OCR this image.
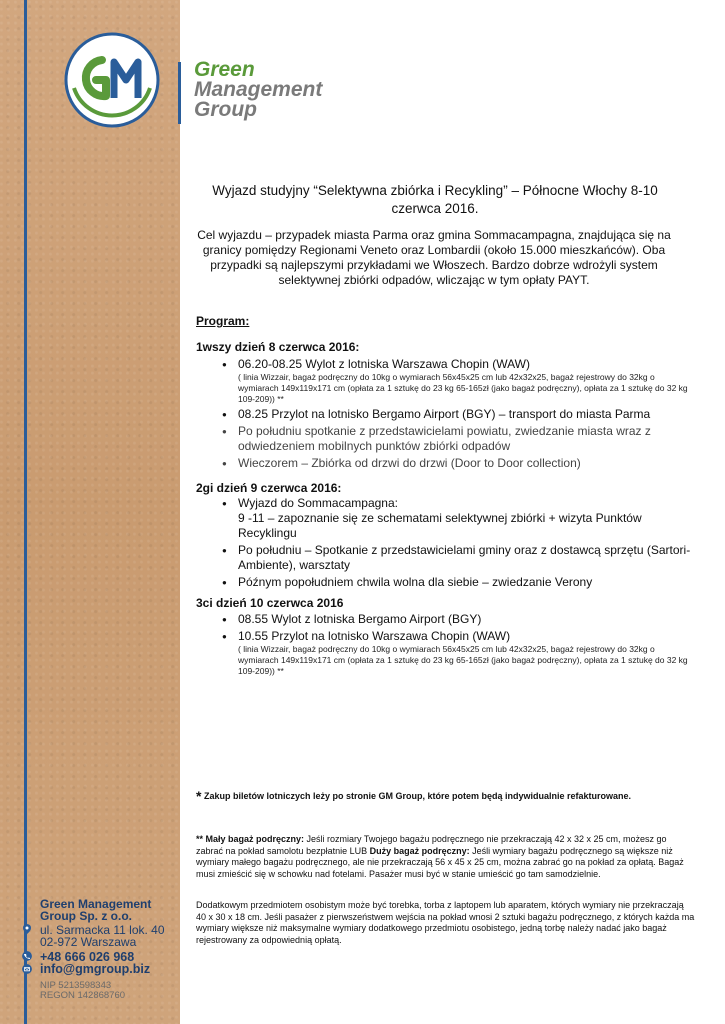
Green
Management
Group
Wyjazd studyjny “Selektywna zbiórka i Recykling” – Północne Włochy 8-10 czerwca 2016.
Cel wyjazdu – przypadek miasta Parma oraz gmina Sommacampagna, znajdująca się na granicy pomiędzy Regionami Veneto oraz Lombardii (około 15.000 mieszkańców). Oba przypadki są najlepszymi przykładami we Włoszech. Bardzo dobrze wdrożyli system selektywnej zbiórki odpadów, wliczając w tym opłaty PAYT.
Program:
1wszy dzień 8 czerwca 2016:
● 06.20-08.25 Wylot z lotniska Warszawa Chopin (WAW)
( linia Wizzair, bagaż podręczny do 10kg o wymiarach 56x45x25 cm lub 42x32x25, bagaż rejestrowy do 32kg o wymiarach 149x119x171 cm (opłata za 1 sztukę do 23 kg 65-165zł (jako bagaż podręczny), opłata za 1 sztukę do 32 kg 109-209)) **
● 08.25 Przylot na lotnisko Bergamo Airport (BGY) – transport do miasta Parma
● Po południu spotkanie z przedstawicielami powiatu, zwiedzanie miasta wraz z odwiedzeniem mobilnych punktów zbiórki odpadów
● Wieczorem – Zbiórka od drzwi do drzwi (Door to Door collection)
2gi dzień 9 czerwca 2016:
● Wyjazd do Sommacampagna:
9 -11 – zapoznanie się ze schematami selektywnej zbiórki + wizyta Punktów Recyklingu
● Po południu – Spotkanie z przedstawicielami gminy oraz z dostawcą sprzętu (Sartori-Ambiente), warsztaty
● Późnym popołudniem chwila wolna dla siebie – zwiedzanie Verony
3ci dzień 10 czerwca 2016
● 08.55 Wylot z lotniska Bergamo Airport (BGY)
● 10.55 Przylot na lotnisko Warszawa Chopin (WAW)
( linia Wizzair, bagaż podręczny do 10kg o wymiarach 56x45x25 cm lub 42x32x25, bagaż rejestrowy do 32kg o wymiarach 149x119x171 cm (opłata za 1 sztukę do 23 kg 65-165zł (jako bagaż podręczny), opłata za 1 sztukę do 32 kg 109-209)) **
* Zakup biletów lotniczych leży po stronie GM Group, które potem będą indywidualnie refakturowane.
** Mały bagaż podręczny: Jeśli rozmiary Twojego bagażu podręcznego nie przekraczają 42 x 32 x 25 cm, możesz go zabrać na pokład samolotu bezpłatnie LUB Duży bagaż podręczny: Jeśli wymiary bagażu podręcznego są większe niż wymiary małego bagażu podręcznego, ale nie przekraczają 56 x 45 x 25 cm, można zabrać go na pokład za opłatą. Bagaż musi zmieścić się w schowku nad fotelami. Pasażer musi być w stanie umieścić go tam samodzielnie.
Dodatkowym przedmiotem osobistym może być torebka, torba z laptopem lub aparatem, których wymiary nie przekraczają 40 x 30 x 18 cm. Jeśli pasażer z pierwszeństwem wejścia na pokład wnosi 2 sztuki bagażu podręcznego, z których każda ma wymiary większe niż maksymalne wymiary dodatkowego przedmiotu osobistego, jedną torbę należy nadać jako bagaż rejestrowany za odpowiednią opłatą.
Green Management
Group Sp. z o.o.
ul. Sarmacka 11 lok. 40
02-972 Warszawa
+48 666 026 968
info@gmgroup.biz
NIP 5213598343
REGON 142868760
